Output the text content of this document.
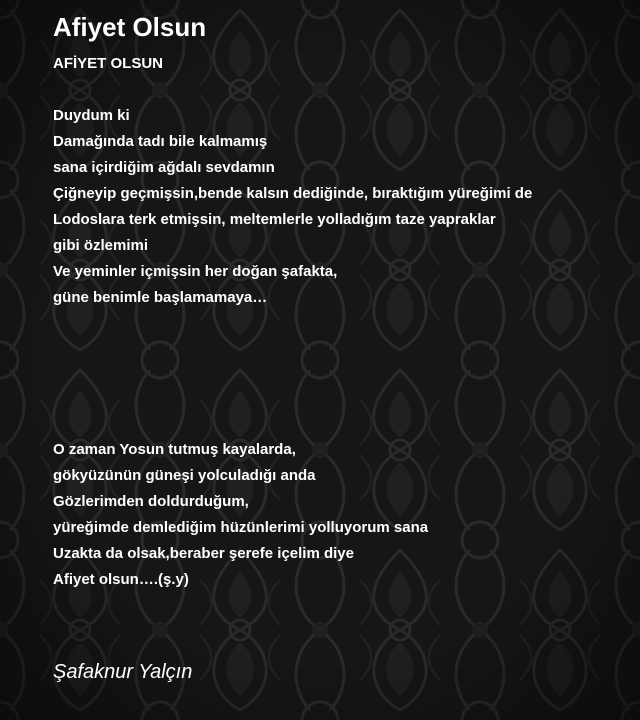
Afiyet Olsun
AFİYET OLSUN
Duydum ki
Damağında tadı bile kalmamış
sana içirdiğim ağdalı sevdamın
Çiğneyip geçmişsin,bende kalsın dediğinde, bıraktığım yüreğimi de
Lodoslara terk etmişsin, meltemlerle yolladığım taze yapraklar
gibi özlemimi
Ve yeminler içmişsin her doğan şafakta,
güne benimle başlamamaya…
O zaman Yosun tutmuş kayalarda,
gökyüzünün güneşi yolculadığı anda
Gözlerimden doldurduğum,
yüreğimde demlediğim hüzünlerimi yolluyorum sana
Uzakta da olsak,beraber şerefe içelim diye
Afiyet olsun….(ş.y)
Şafaknur Yalçın
